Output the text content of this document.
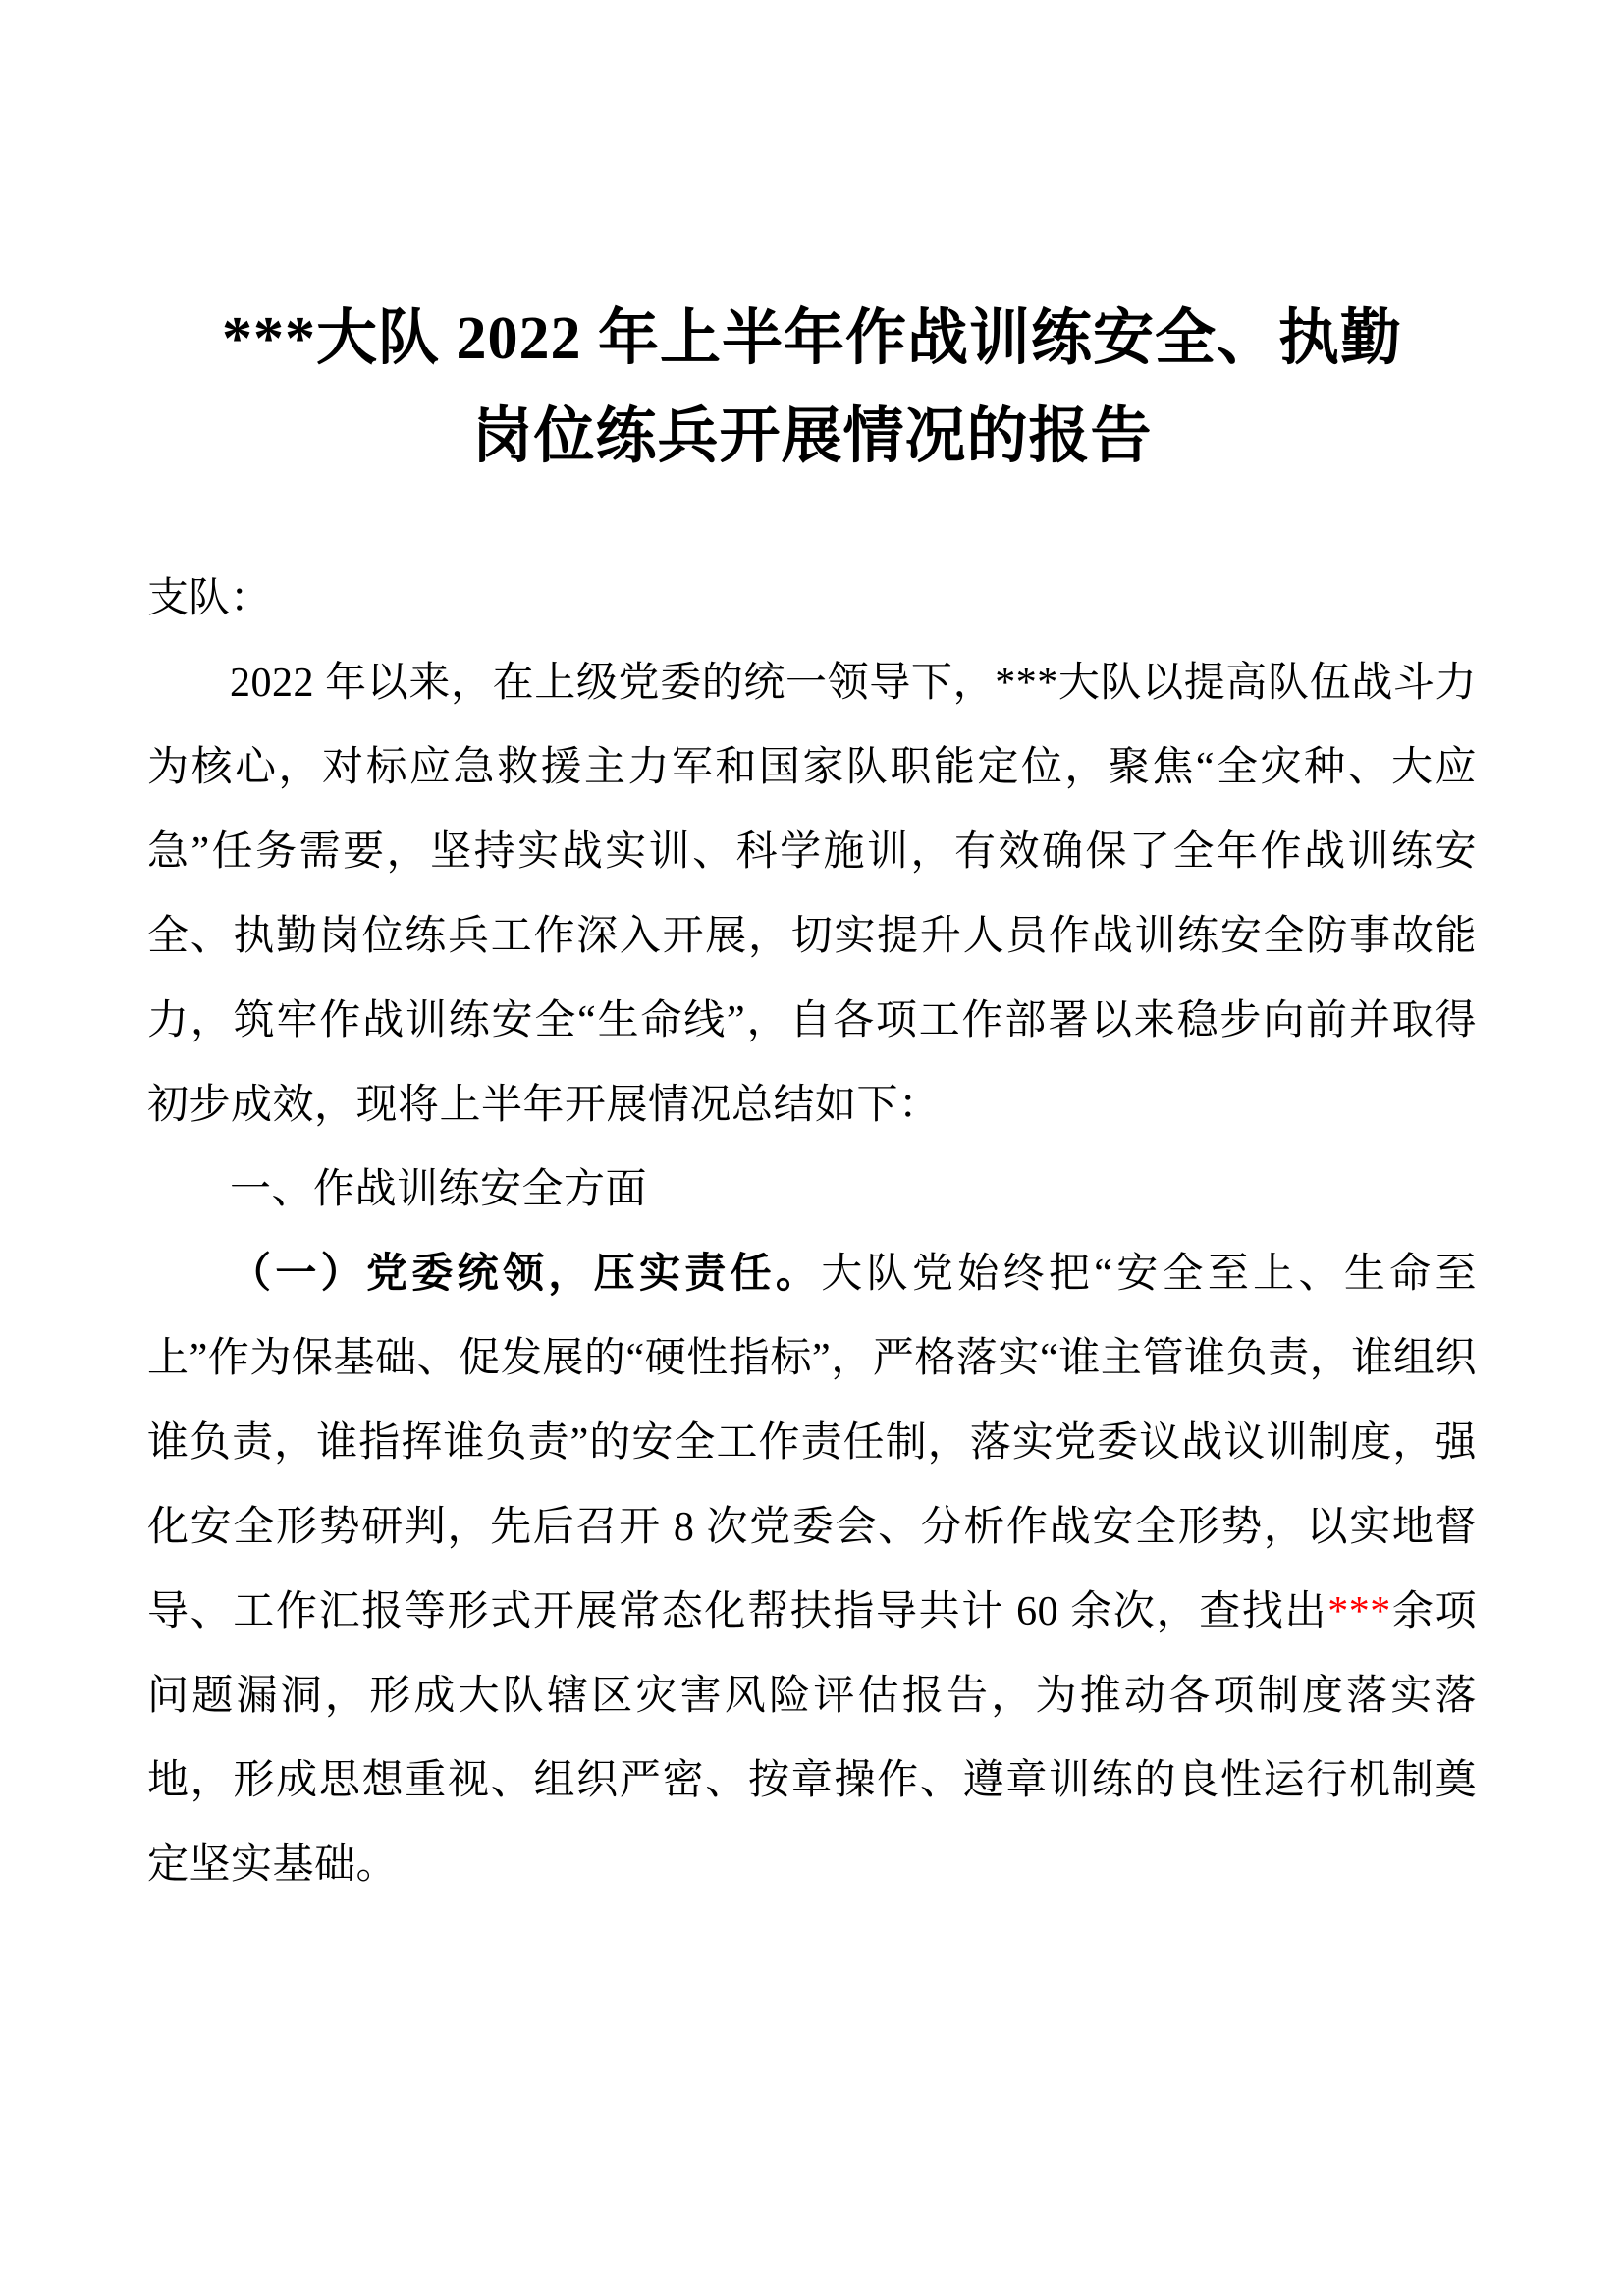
***大队 2022 年上半年作战训练安全、执勤
岗位练兵开展情况的报告

支队：

2022 年以来，在上级党委的统一领导下，***大队以提高队伍战斗力为核心，对标应急救援主力军和国家队职能定位，聚焦“全灾种、大应急”任务需要，坚持实战实训、科学施训，有效确保了全年作战训练安全、执勤岗位练兵工作深入开展，切实提升人员作战训练安全防事故能力，筑牢作战训练安全“生命线”，自各项工作部署以来稳步向前并取得初步成效，现将上半年开展情况总结如下：

一、作战训练安全方面

（一）党委统领，压实责任。大队党始终把“安全至上、生命至上”作为保基础、促发展的“硬性指标”，严格落实“谁主管谁负责，谁组织谁负责，谁指挥谁负责”的安全工作责任制，落实党委议战议训制度，强化安全形势研判，先后召开 8 次党委会、分析作战安全形势，以实地督导、工作汇报等形式开展常态化帮扶指导共计 60 余次，查找出***余项问题漏洞，形成大队辖区灾害风险评估报告，为推动各项制度落实落地，形成思想重视、组织严密、按章操作、遵章训练的良性运行机制奠定坚实基础。
